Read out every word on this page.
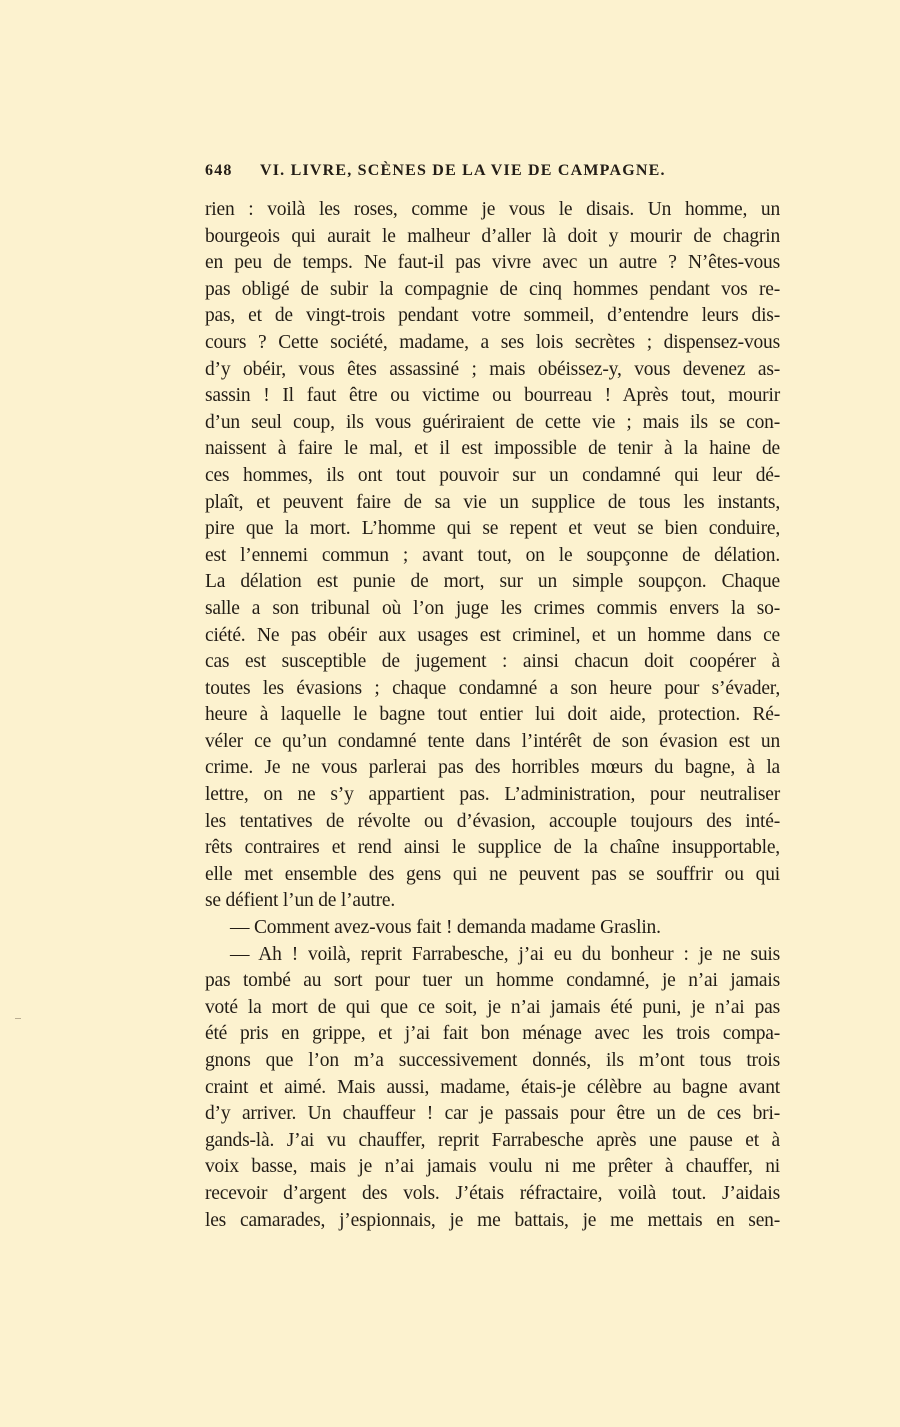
648 VI. LIVRE, SCÈNES DE LA VIE DE CAMPAGNE.
rien : voilà les roses, comme je vous le disais. Un homme, un
bourgeois qui aurait le malheur d’aller là doit y mourir de chagrin
en peu de temps. Ne faut-il pas vivre avec un autre ? N’êtes-vous
pas obligé de subir la compagnie de cinq hommes pendant vos re-
pas, et de vingt-trois pendant votre sommeil, d’entendre leurs dis-
cours ? Cette société, madame, a ses lois secrètes ; dispensez-vous
d’y obéir, vous êtes assassiné ; mais obéissez-y, vous devenez as-
sassin ! Il faut être ou victime ou bourreau ! Après tout, mourir
d’un seul coup, ils vous guériraient de cette vie ; mais ils se con-
naissent à faire le mal, et il est impossible de tenir à la haine de
ces hommes, ils ont tout pouvoir sur un condamné qui leur dé-
plaît, et peuvent faire de sa vie un supplice de tous les instants,
pire que la mort. L’homme qui se repent et veut se bien conduire,
est l’ennemi commun ; avant tout, on le soupçonne de délation.
La délation est punie de mort, sur un simple soupçon. Chaque
salle a son tribunal où l’on juge les crimes commis envers la so-
ciété. Ne pas obéir aux usages est criminel, et un homme dans ce
cas est susceptible de jugement : ainsi chacun doit coopérer à
toutes les évasions ; chaque condamné a son heure pour s’évader,
heure à laquelle le bagne tout entier lui doit aide, protection. Ré-
véler ce qu’un condamné tente dans l’intérêt de son évasion est un
crime. Je ne vous parlerai pas des horribles mœurs du bagne, à la
lettre, on ne s’y appartient pas. L’administration, pour neutraliser
les tentatives de révolte ou d’évasion, accouple toujours des inté-
rêts contraires et rend ainsi le supplice de la chaîne insupportable,
elle met ensemble des gens qui ne peuvent pas se souffrir ou qui
se défient l’un de l’autre.
— Comment avez-vous fait ! demanda madame Graslin.
— Ah ! voilà, reprit Farrabesche, j’ai eu du bonheur : je ne suis
pas tombé au sort pour tuer un homme condamné, je n’ai jamais
voté la mort de qui que ce soit, je n’ai jamais été puni, je n’ai pas
été pris en grippe, et j’ai fait bon ménage avec les trois compa-
gnons que l’on m’a successivement donnés, ils m’ont tous trois
craint et aimé. Mais aussi, madame, étais-je célèbre au bagne avant
d’y arriver. Un chauffeur ! car je passais pour être un de ces bri-
gands-là. J’ai vu chauffer, reprit Farrabesche après une pause et à
voix basse, mais je n’ai jamais voulu ni me prêter à chauffer, ni
recevoir d’argent des vols. J’étais réfractaire, voilà tout. J’aidais
les camarades, j’espionnais, je me battais, je me mettais en sen-
